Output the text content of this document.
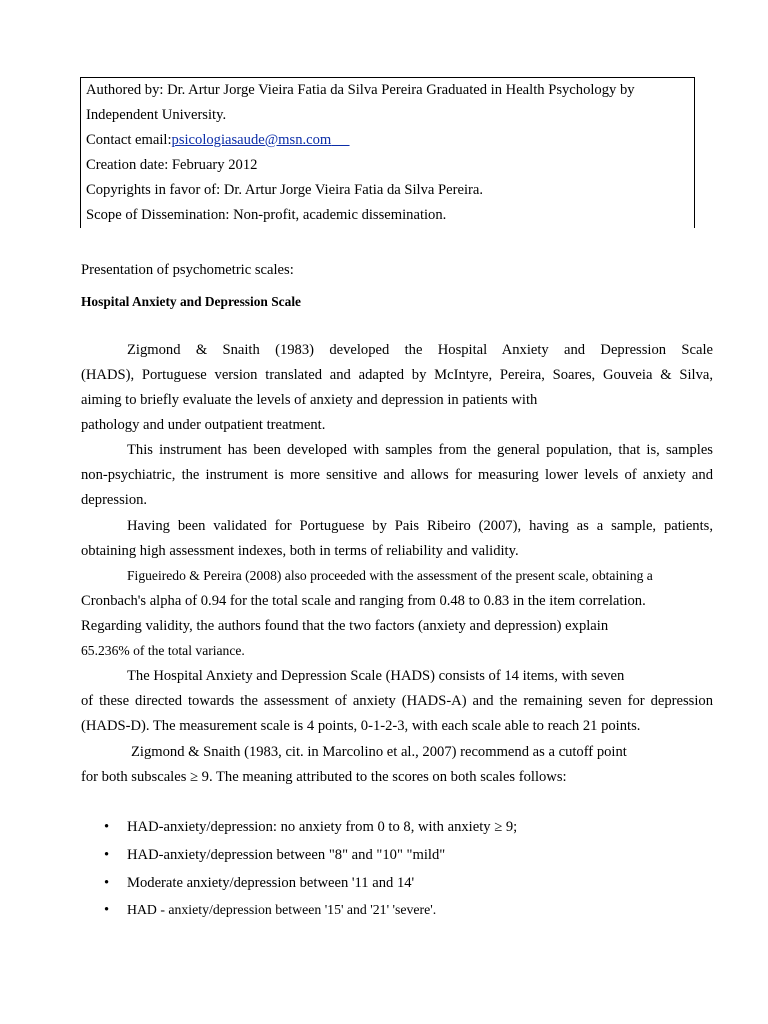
Authored by: Dr. Artur Jorge Vieira Fatia da Silva Pereira Graduated in Health Psychology by
Independent University.
Contact email:psicologiasaude@msn.com
Creation date: February 2012
Copyrights in favor of: Dr. Artur Jorge Vieira Fatia da Silva Pereira.
Scope of Dissemination: Non-profit, academic dissemination.
Presentation of psychometric scales:
Hospital Anxiety and Depression Scale
Zigmond & Snaith (1983) developed the Hospital Anxiety and Depression Scale
(HADS), Portuguese version translated and adapted by McIntyre, Pereira, Soares, Gouveia & Silva,
aiming to briefly evaluate the levels of anxiety and depression in patients with
pathology and under outpatient treatment.
This instrument has been developed with samples from the general population, that is, samples
non-psychiatric, the instrument is more sensitive and allows for measuring lower levels of anxiety and
depression.
Having been validated for Portuguese by Pais Ribeiro (2007), having as a sample, patients,
obtaining high assessment indexes, both in terms of reliability and validity.
Figueiredo & Pereira (2008) also proceeded with the assessment of the present scale, obtaining a
Cronbach's alpha of 0.94 for the total scale and ranging from 0.48 to 0.83 in the item correlation.
Regarding validity, the authors found that the two factors (anxiety and depression) explain
65.236% of the total variance.
The Hospital Anxiety and Depression Scale (HADS) consists of 14 items, with seven
of these directed towards the assessment of anxiety (HADS-A) and the remaining seven for depression
(HADS-D). The measurement scale is 4 points, 0-1-2-3, with each scale able to reach 21 points.
Zigmond & Snaith (1983, cit. in Marcolino et al., 2007) recommend as a cutoff point
for both subscales ≥ 9. The meaning attributed to the scores on both scales follows:
• HAD-anxiety/depression: no anxiety from 0 to 8, with anxiety ≥ 9;
• HAD-anxiety/depression between "8" and "10" "mild"
• Moderate anxiety/depression between '11 and 14'
• HAD - anxiety/depression between '15' and '21' 'severe'.
